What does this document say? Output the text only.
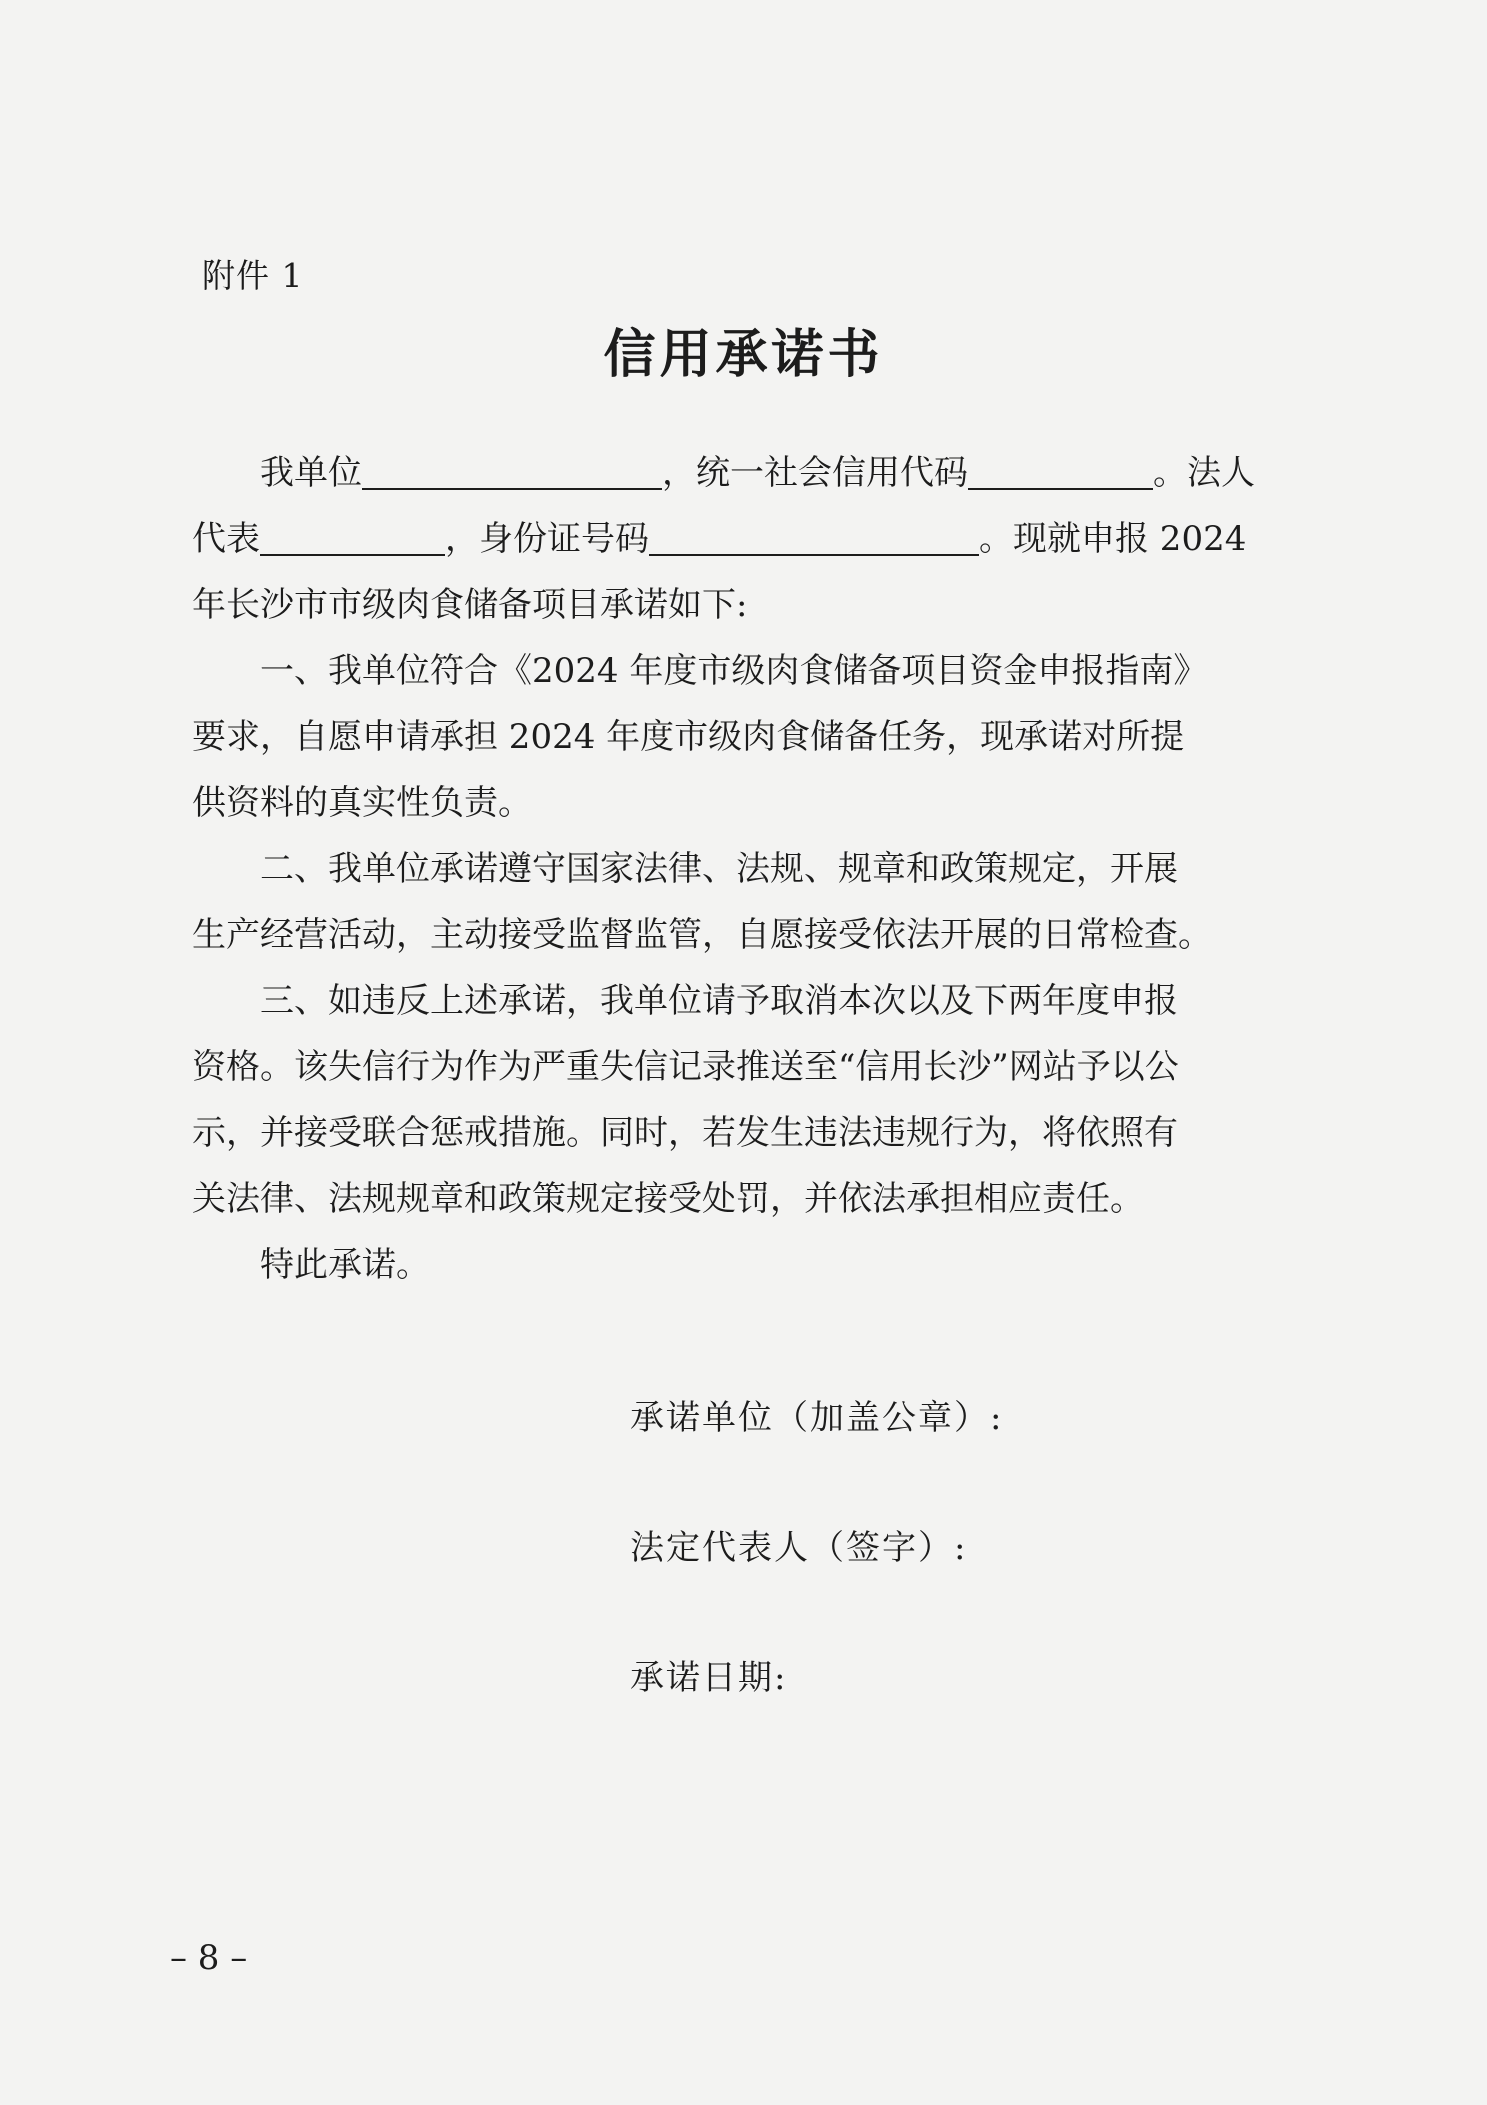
附件 1
信用承诺书
我单位	，统一社会信用代码	。法人
代表	，身份证号码	。现就申报 2024
年长沙市市级肉食储备项目承诺如下:
一、我单位符合《2024 年度市级肉食储备项目资金申报指南》
要求，自愿申请承担 2024 年度市级肉食储备任务，现承诺对所提
供资料的真实性负责。
二、我单位承诺遵守国家法律、法规、规章和政策规定，开展
生产经营活动，主动接受监督监管，自愿接受依法开展的日常检查。
三、如违反上述承诺，我单位请予取消本次以及下两年度申报
资格。该失信行为作为严重失信记录推送至“信用长沙”网站予以公
示，并接受联合惩戒措施。同时，若发生违法违规行为，将依照有
关法律、法规规章和政策规定接受处罚，并依法承担相应责任。
特此承诺。
承诺单位（加盖公章）:
法定代表人（签字）:
承诺日期:
– 8 –
